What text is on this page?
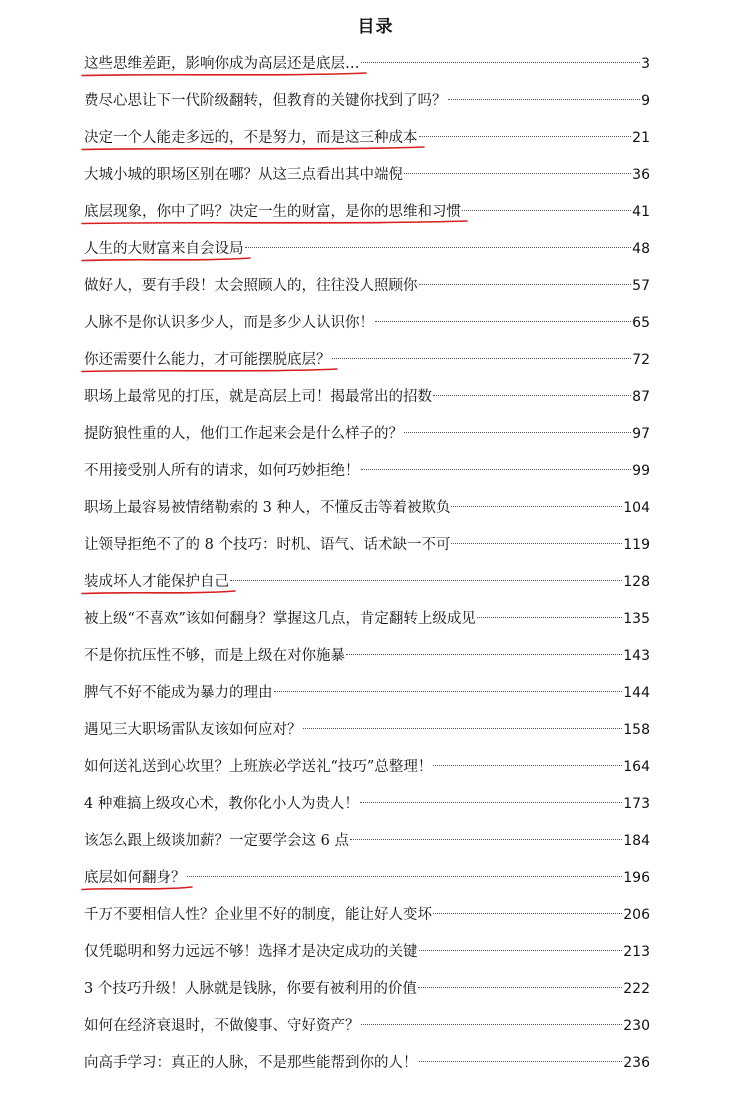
目录
这些思维差距，影响你成为高层还是底层…	3
费尽心思让下一代阶级翻转，但教育的关键你找到了吗？	9
决定一个人能走多远的，不是努力，而是这三种成本	21
大城小城的职场区别在哪？从这三点看出其中端倪	36
底层现象，你中了吗？决定一生的财富，是你的思维和习惯	41
人生的大财富来自会设局	48
做好人，要有手段！太会照顾人的，往往没人照顾你	57
人脉不是你认识多少人，而是多少人认识你！	65
你还需要什么能力，才可能摆脱底层？	72
职场上最常见的打压，就是高层上司！揭最常出的招数	87
提防狼性重的人，他们工作起来会是什么样子的？	97
不用接受别人所有的请求，如何巧妙拒绝！	99
职场上最容易被情绪勒索的 3 种人，不懂反击等着被欺负	104
让领导拒绝不了的 8 个技巧：时机、语气、话术缺一不可	119
装成坏人才能保护自己	128
被上级“不喜欢”该如何翻身？掌握这几点，肯定翻转上级成见	135
不是你抗压性不够，而是上级在对你施暴	143
脾气不好不能成为暴力的理由	144
遇见三大职场雷队友该如何应对？	158
如何送礼送到心坎里？上班族必学送礼“技巧”总整理！	164
4 种难搞上级攻心术，教你化小人为贵人！	173
该怎么跟上级谈加薪？一定要学会这 6 点	184
底层如何翻身？	196
千万不要相信人性？企业里不好的制度，能让好人变坏	206
仅凭聪明和努力远远不够！选择才是决定成功的关键	213
3 个技巧升级！人脉就是钱脉，你要有被利用的价值	222
如何在经济衰退时，不做傻事、守好资产？	230
向高手学习：真正的人脉，不是那些能帮到你的人！	236
